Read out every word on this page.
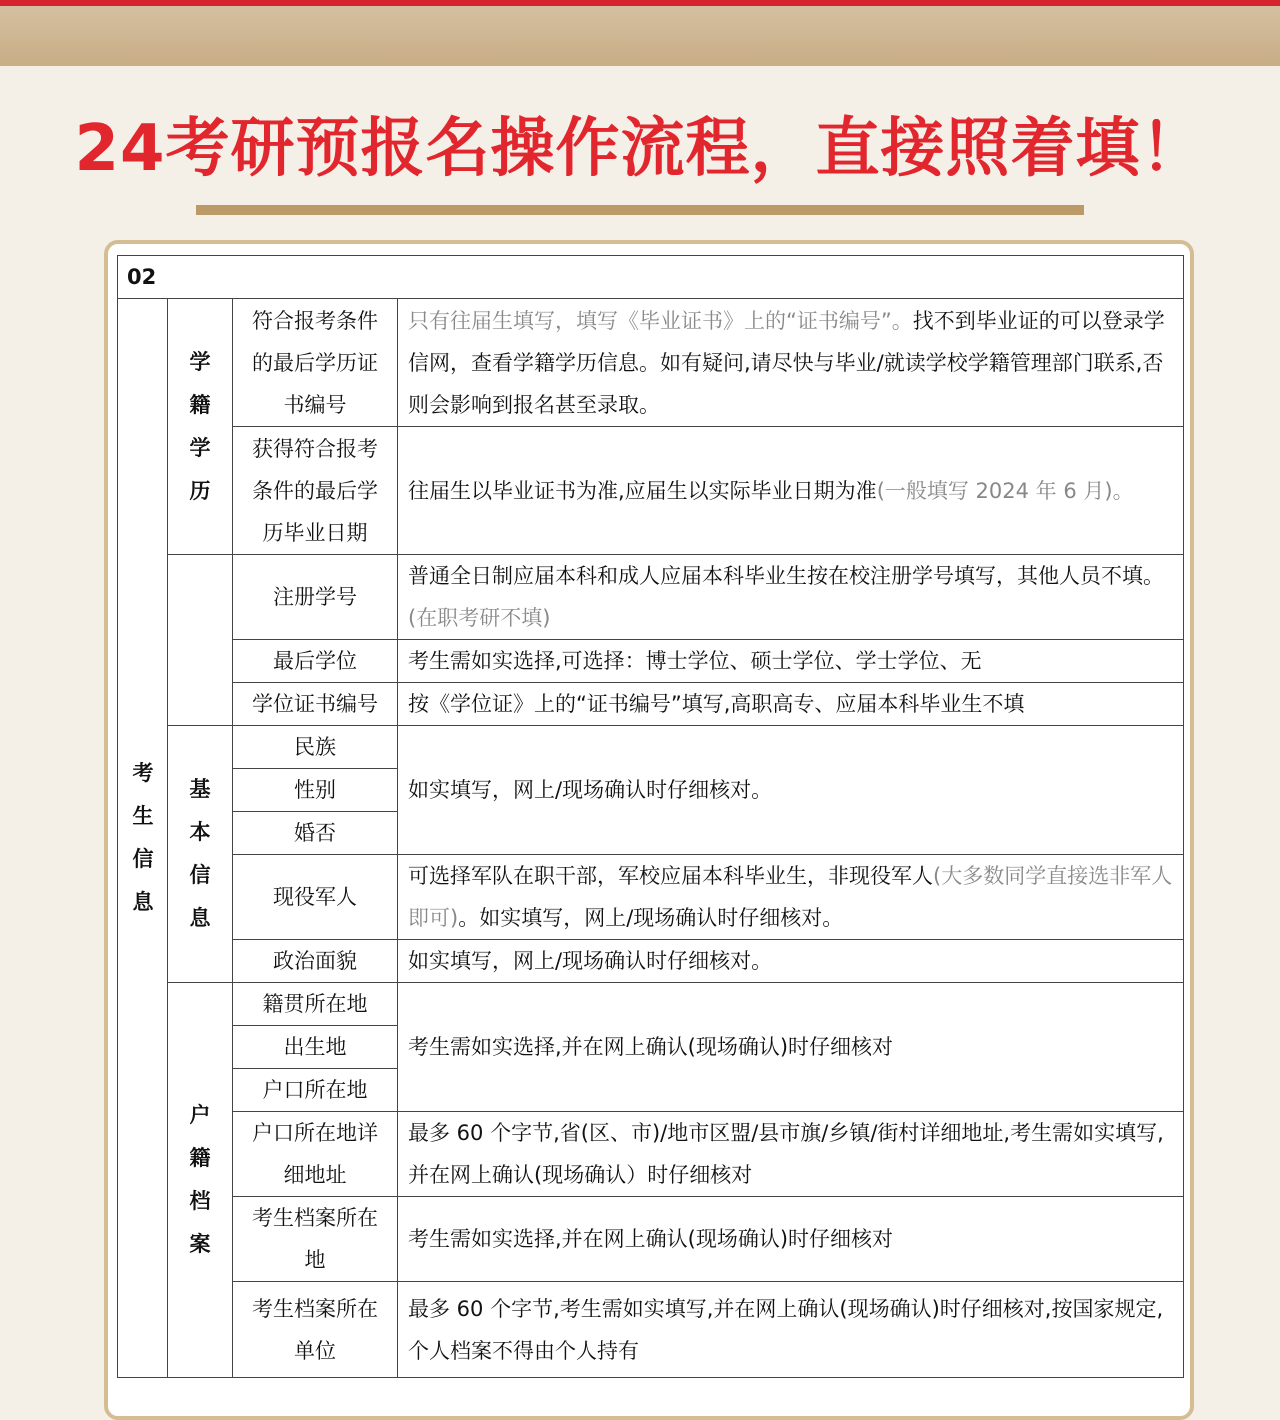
24考研预报名操作流程，直接照着填！
02			
考生信息	学籍学历	符合报考条件的最后学历证书编号	只有往届生填写，填写《毕业证书》上的“证书编号”。找不到毕业证的可以登录学信网，查看学籍学历信息。如有疑问,请尽快与毕业/就读学校学籍管理部门联系,否则会影响到报名甚至录取。
		获得符合报考条件的最后学历毕业日期	往届生以毕业证书为准,应届生以实际毕业日期为准(一般填写 2024 年 6 月)。
		注册学号	普通全日制应届本科和成人应届本科毕业生按在校注册学号填写，其他人员不填。(在职考研不填)
		最后学位	考生需如实选择,可选择：博士学位、硕士学位、学士学位、无
		学位证书编号	按《学位证》上的“证书编号”填写,高职高专、应届本科毕业生不填
	基本信息	民族	如实填写，网上/现场确认时仔细核对。
		性别	
		婚否	
		现役军人	可选择军队在职干部，军校应届本科毕业生，非现役军人(大多数同学直接选非军人即可)。如实填写，网上/现场确认时仔细核对。
		政治面貌	如实填写，网上/现场确认时仔细核对。
	户籍档案	籍贯所在地	考生需如实选择,并在网上确认(现场确认)时仔细核对
		出生地	
		户口所在地	
		户口所在地详细地址	最多 60 个字节,省(区、市)/地市区盟/县市旗/乡镇/街村详细地址,考生需如实填写,并在网上确认(现场确认）时仔细核对
		考生档案所在地	考生需如实选择,并在网上确认(现场确认)时仔细核对
		考生档案所在单位	最多 60 个字节,考生需如实填写,并在网上确认(现场确认)时仔细核对,按国家规定,个人档案不得由个人持有
